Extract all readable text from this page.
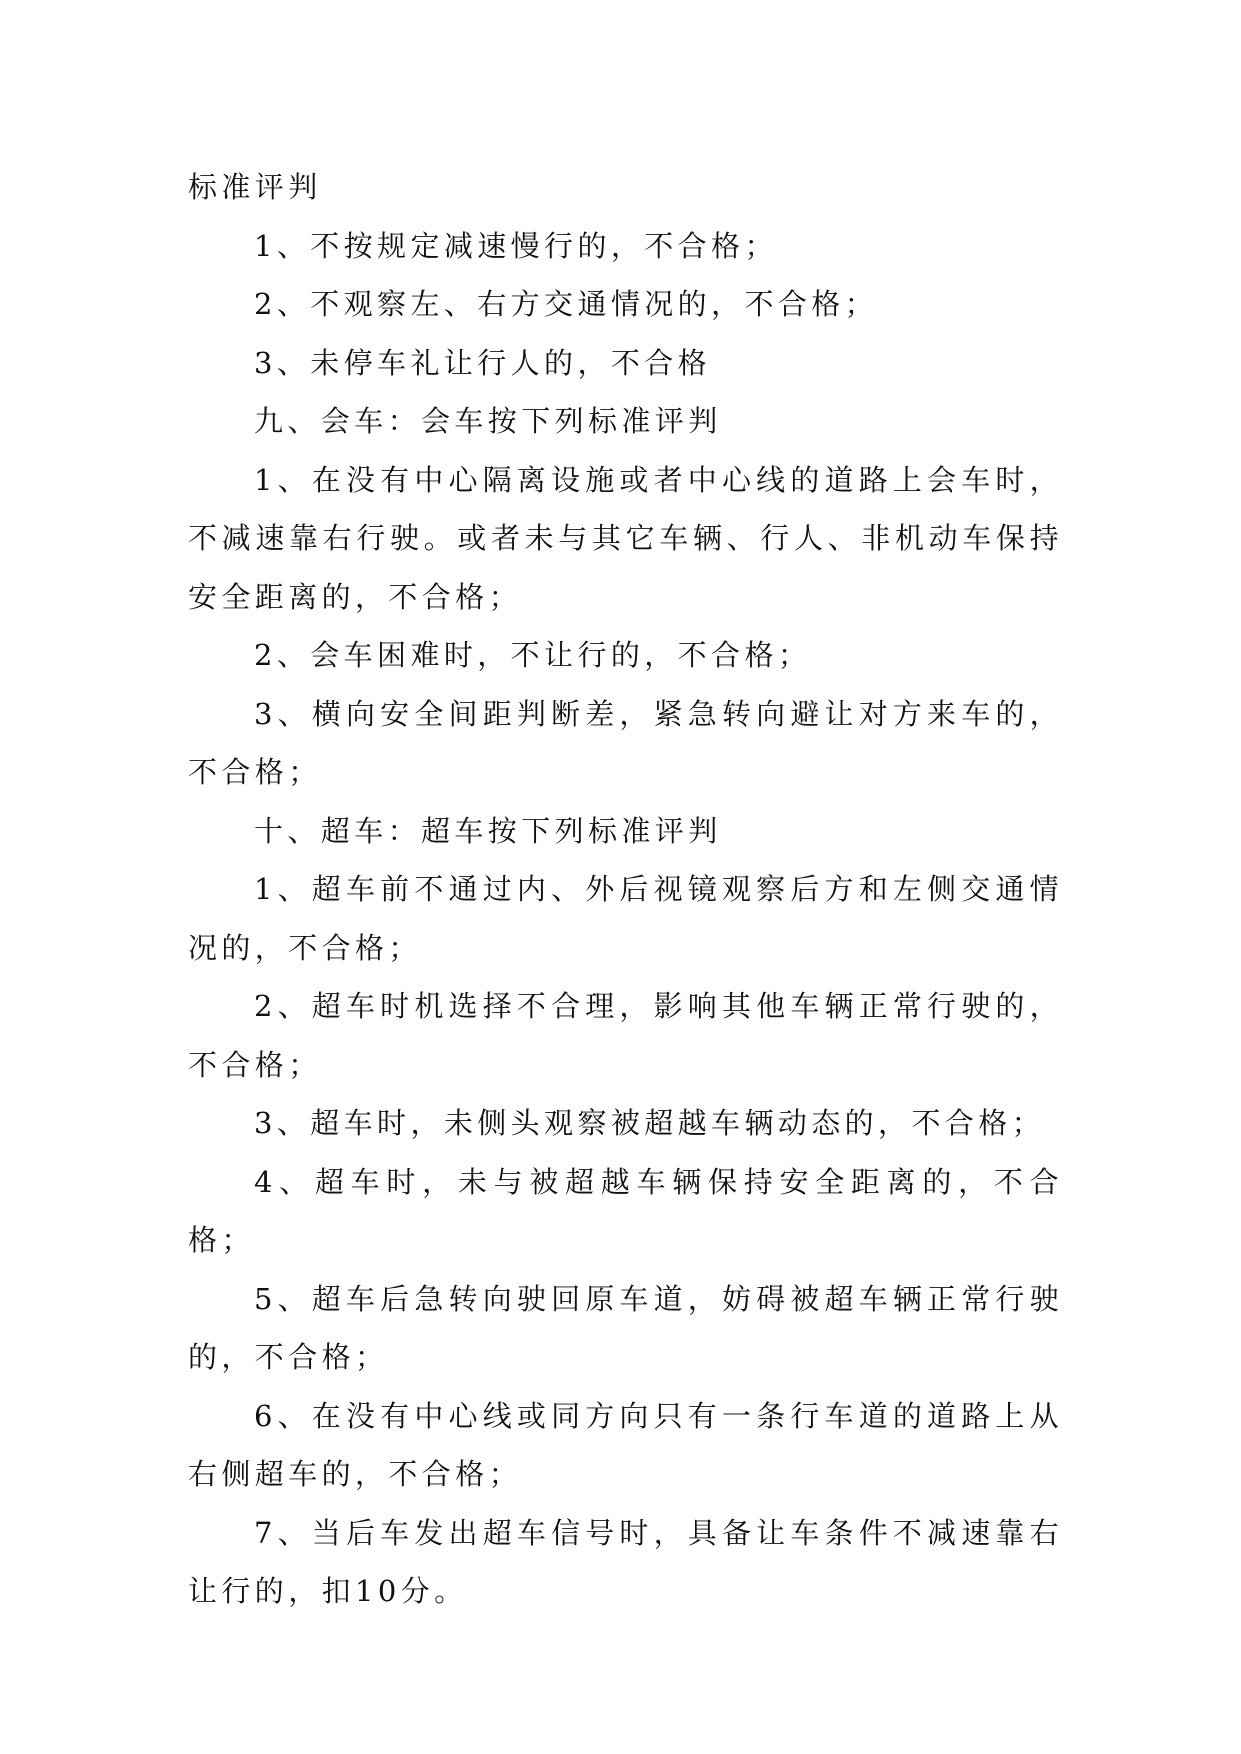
标准评判

1、不按规定减速慢行的，不合格；

2、不观察左、右方交通情况的，不合格；

3、未停车礼让行人的，不合格

九、会车：会车按下列标准评判

1、在没有中心隔离设施或者中心线的道路上会车时，不减速靠右行驶。或者未与其它车辆、行人、非机动车保持安全距离的，不合格；

2、会车困难时，不让行的，不合格；

3、横向安全间距判断差，紧急转向避让对方来车的，不合格；

十、超车：超车按下列标准评判

1、超车前不通过内、外后视镜观察后方和左侧交通情况的，不合格；

2、超车时机选择不合理，影响其他车辆正常行驶的，不合格；

3、超车时，未侧头观察被超越车辆动态的，不合格；

4、超车时，未与被超越车辆保持安全距离的，不合格；

5、超车后急转向驶回原车道，妨碍被超车辆正常行驶的，不合格；

6、在没有中心线或同方向只有一条行车道的道路上从右侧超车的，不合格；

7、当后车发出超车信号时，具备让车条件不减速靠右让行的，扣10分。
